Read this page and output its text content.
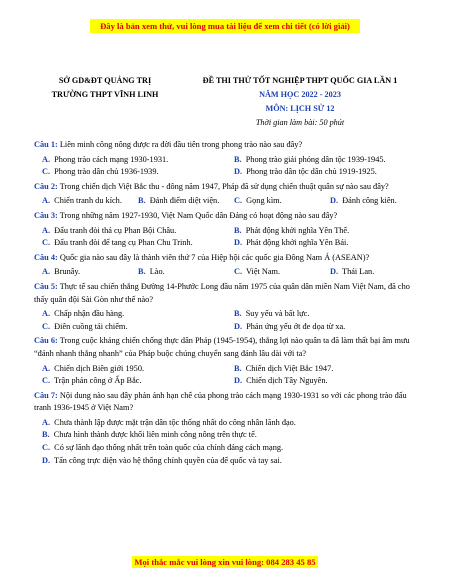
Đây là bản xem thử, vui lòng mua tài liệu để xem chi tiết (có lời giải)
SỞ GD&ĐT QUẢNG TRỊ
TRƯỜNG THPT VĨNH LINH
ĐỀ THI THỬ TỐT NGHIỆP THPT QUỐC GIA LẦN 1
NĂM HỌC 2022 - 2023
MÔN: LỊCH SỬ 12
Thời gian làm bài: 50 phút
Câu 1: Liên minh công nông được ra đời đầu tiên trong phong trào nào sau đây?
A. Phong trào cách mạng 1930-1931.	B. Phong trào giải phóng dân tộc 1939-1945.
C. Phong trào dân chủ 1936-1939.	D. Phong trào dân tộc dân chủ 1919-1925.
Câu 2: Trong chiến dịch Việt Bắc thu - đông năm 1947, Pháp đã sử dụng chiến thuật quân sự nào sau đây?
A. Chiến tranh du kích.	B. Đánh điểm diệt viện.	C. Gọng kìm.	D. Đánh công kiên.
Câu 3: Trong những năm 1927-1930, Việt Nam Quốc dân Đảng có hoạt động nào sau đây?
A. Đấu tranh đòi thả cụ Phan Bội Châu.	B. Phát động khởi nghĩa Yên Thế.
C. Đấu tranh đòi để tang cụ Phan Chu Trinh.	D. Phát động khởi nghĩa Yên Bái.
Câu 4: Quốc gia nào sau đây là thành viên thứ 7 của Hiệp hội các quốc gia Đông Nam Á (ASEAN)?
A. Brunây.	B. Lào.	C. Việt Nam.	D. Thái Lan.
Câu 5: Thực tế sau chiến thắng Đường 14-Phước Long đầu năm 1975 của quân dân miền Nam Việt Nam, đã cho thấy quân đội Sài Gòn như thế nào?
A. Chấp nhận đầu hàng.	B. Suy yếu và bất lực.
C. Điên cuồng tái chiếm.	D. Phản ứng yếu ớt đe dọa từ xa.
Câu 6: Trong cuộc kháng chiến chống thực dân Pháp (1945-1954), thắng lợi nào quân ta đã làm thất bại âm mưu “đánh nhanh thắng nhanh” của Pháp buộc chúng chuyển sang đánh lâu dài với ta?
A. Chiến dịch Biên giới 1950.	B. Chiến dịch Việt Bắc 1947.
C. Trận phản công ở Ấp Bắc.	D. Chiến dịch Tây Nguyên.
Câu 7: Nội dung nào sau đây phản ánh hạn chế của phong trào cách mạng 1930-1931 so với các phong trào đấu tranh 1936-1945 ở Việt Nam?
A. Chưa thành lập được mặt trận dân tộc thống nhất do công nhân lãnh đạo.
B. Chưa hình thành được khối liên minh công nông trên thực tế.
C. Có sự lãnh đạo thống nhất trên toàn quốc của chính đảng cách mạng.
D. Tấn công trực diện vào hệ thống chính quyền của đế quốc và tay sai.
Mọi thắc mắc vui lòng xin vui lòng: 084 283 45 85
